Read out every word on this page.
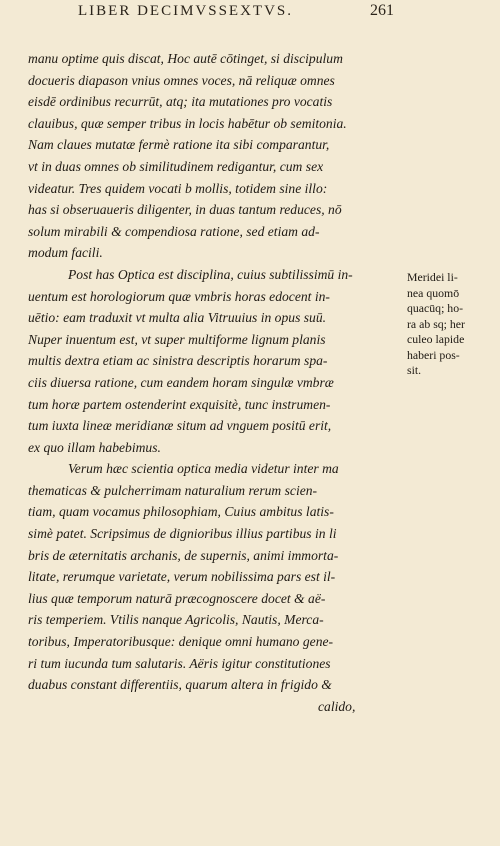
LIBER DECIMVSSEXTVS.	261
manu optime quis discat, Hoc autē cōtinget, si discipulum
docueris diapason vnius omnes voces, nā reliquæ omnes
eisdē ordinibus recurrūt, atq; ita mutationes pro vocatis
clauibus, quæ semper tribus in locis habētur ob semitonia.
Nam claues mutatæ fermè ratione ita sibi comparantur,
vt in duas omnes ob similitudinem redigantur, cum sex
videatur. Tres quidem vocati b mollis, totidem sine illo:
has si obseruaueris diligenter, in duas tantum reduces, nō
solum mirabili & compendiosa ratione, sed etiam ad-
modum facili.
Post has Optica est disciplina, cuius subtilissimū in-
uentum est horologiorum quæ vmbris horas edocent in-
uētio: eam traduxit vt multa alia Vitruuius in opus suū.
Nuper inuentum est, vt super multiforme lignum planis
multis dextra etiam ac sinistra descriptis horarum spa-
ciis diuersa ratione, cum eandem horam singulæ vmbræ
tum horæ partem ostenderint exquisitè, tunc instrumen-
tum iuxta lineæ meridianæ situm ad vnguem positū erit,
ex quo illam habebimus.
Verum hæc scientia optica media videtur inter ma
thematicas & pulcherrimam naturalium rerum scien-
tiam, quam vocamus philosophiam, Cuius ambitus latis-
simè patet. Scripsimus de dignioribus illius partibus in li
bris de æternitatis archanis, de supernis, animi immorta-
litate, rerumque varietate, verum nobilissima pars est il-
lius quæ temporum naturā præcognoscere docet & aë-
ris temperiem. Vtilis nanque Agricolis, Nautis, Merca-
toribus, Imperatoribusque: denique omni humano gene-
ri tum iucunda tum salutaris. Aëris igitur constitutiones
duabus constant differentiis, quarum altera in frigido &
calido,
Meridei li-
nea quomō
quacūq; ho-
ra ab sq; her
culeo lapide
haberi pos-
sit.
